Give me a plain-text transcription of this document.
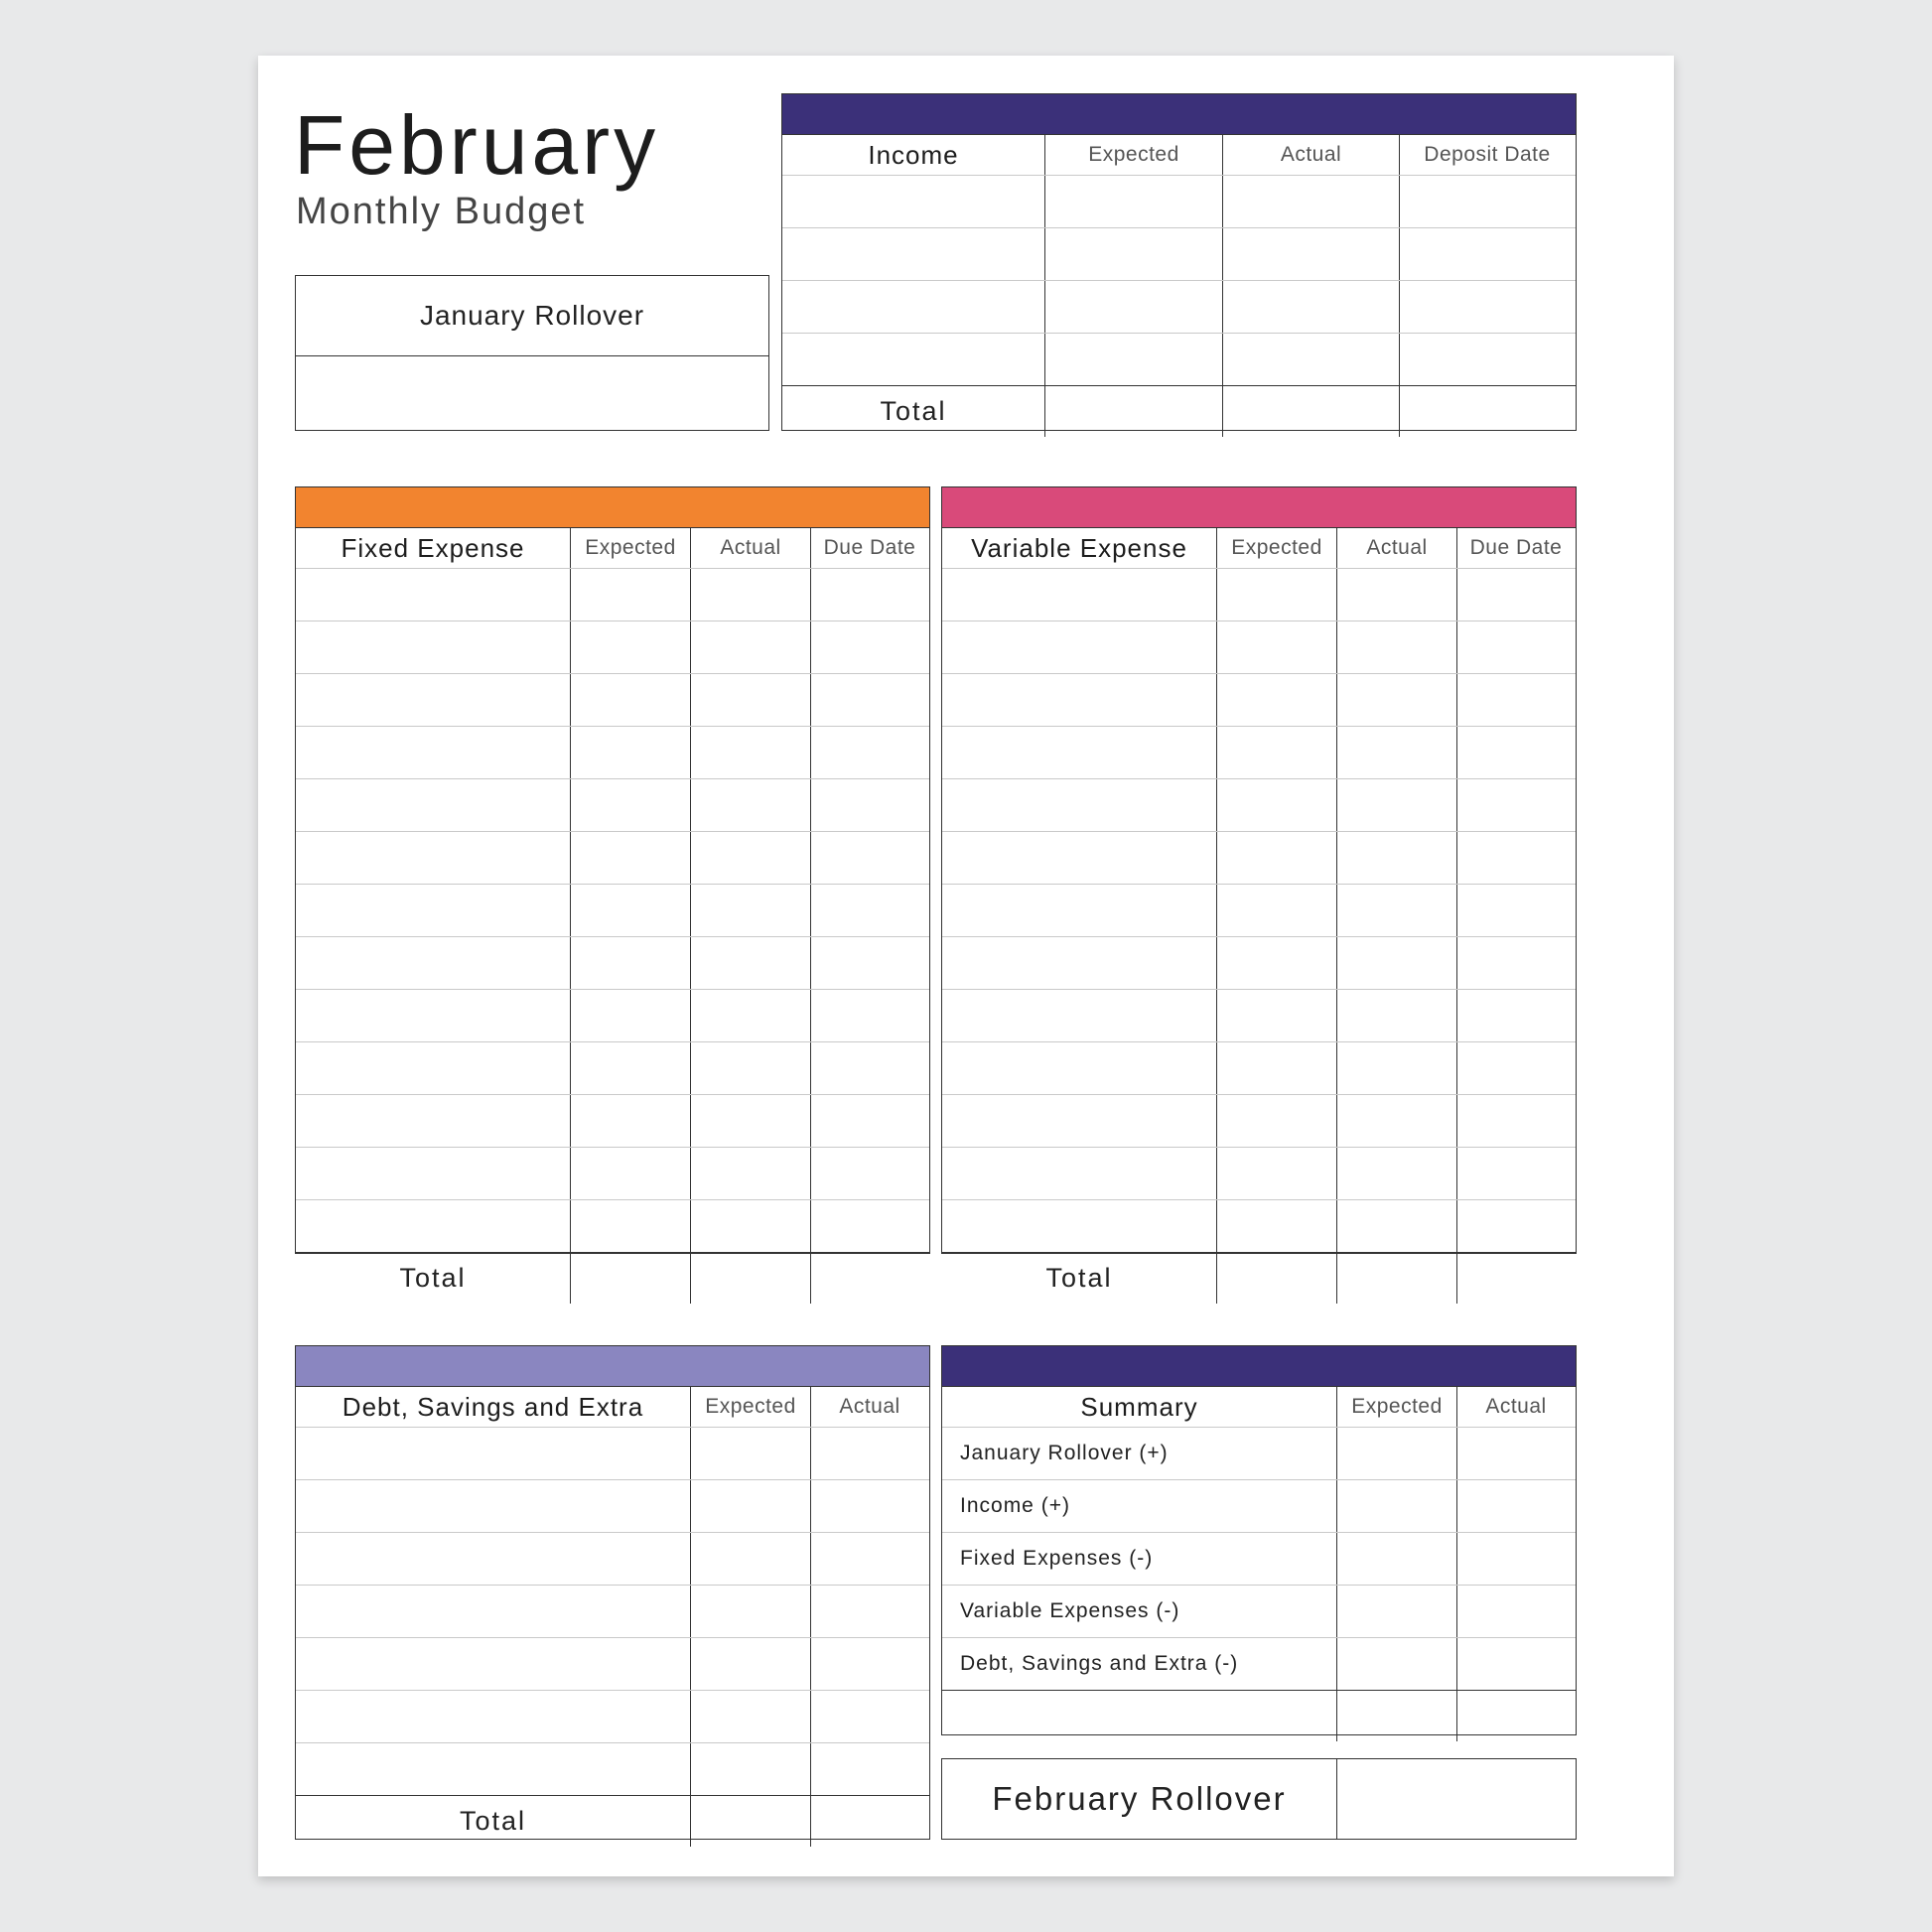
February
Monthly Budget
January Rollover
Income	Expected	Actual	Deposit Date
Total
Fixed Expense	Expected	Actual	Due Date
Total
Variable Expense	Expected	Actual	Due Date
Total
Debt, Savings and Extra	Expected	Actual
Total
Summary	Expected	Actual
January Rollover (+)
Income (+)
Fixed Expenses (-)
Variable Expenses (-)
Debt, Savings and Extra (-)
February Rollover
